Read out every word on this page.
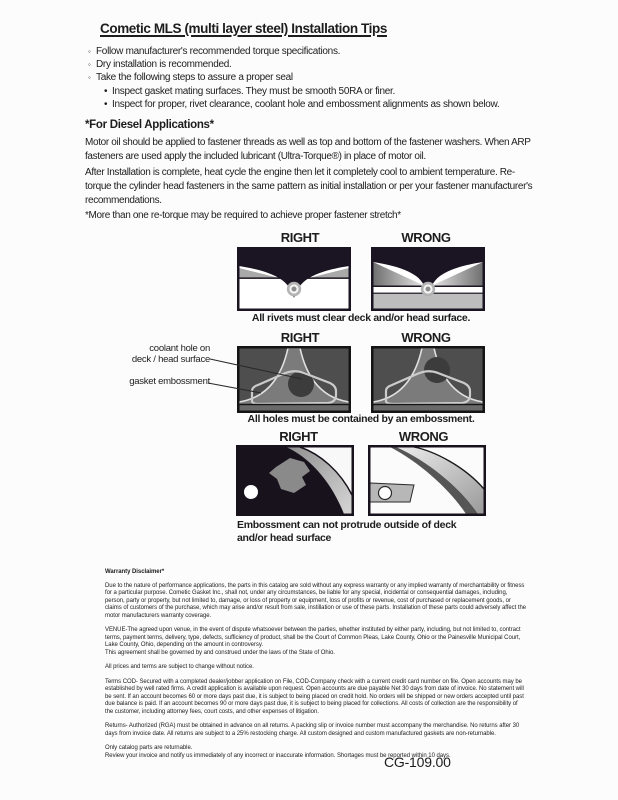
Cometic MLS (multi layer steel) Installation Tips
◦ Follow manufacturer's recommended torque specifications.
◦ Dry installation is recommended.
◦ Take the following steps to assure a proper seal
• Inspect gasket mating surfaces. They must be smooth 50RA or finer.
• Inspect for proper, rivet clearance, coolant hole and embossment alignments as shown below.
*For Diesel Applications*
Motor oil should be applied to fastener threads as well as top and bottom of the fastener washers. When ARP fasteners are used apply the included lubricant (Ultra-Torque®) in place of motor oil.
After Installation is complete, heat cycle the engine then let it completely cool to ambient temperature. Re-torque the cylinder head fasteners in the same pattern as initial installation or per your fastener manufacturer's recommendations.
*More than one re-torque may be required to achieve proper fastener stretch*
RIGHT	WRONG
All rivets must clear deck and/or head surface.
coolant hole on
deck / head surface
gasket embossment
RIGHT	WRONG
All holes must be contained by an embossment.
RIGHT	WRONG
Embossment can not protrude outside of deck
and/or head surface
Warranty Disclaimer*

Due to the nature of performance applications, the parts in this catalog are sold without any express warranty or any implied warranty of merchantability or fitness for a particular purpose. Cometic Gasket Inc., shall not, under any circumstances, be liable for any special, incidental or consequential damages, including, person, party or property, but not limited to, damage, or loss of property or equipment, loss of profits or revenue, cost of purchased or replacement goods, or claims of customers of the purchase, which may arise and/or result from sale, instillation or use of these parts. Installation of these parts could adversely affect the motor manufacturers warranty coverage.

VENUE-The agreed upon venue, in the event of dispute whatsoever between the parties, whether instituted by either party, including, but not limited to, contract terms, payment terms, delivery, type, defects, sufficiency of product, shall be the Court of Common Pleas, Lake County, Ohio or the Painesville Municipal Court, Lake County, Ohio, depending on the amount in controversy.

This agreement shall be governed by and construed under the laws of the State of Ohio.

All prices and terms are subject to change without notice.

Terms COD- Secured with a completed dealer/jobber application on File, COD-Company check with a current credit card number on file. Open accounts may be established by well rated firms. A credit application is available upon request. Open accounts are due payable Net 30 days from date of invoice. No statement will be sent. If an account becomes 60 or more days past due, it is subject to being placed on credit hold. No orders will be shipped or new orders accepted until past due balance is paid. If an account becomes 90 or more days past due, it is subject to being placed for collections. All costs of collection are the responsibility of the customer, including attorney fees, court costs, and other expenses of litigation.

Returns- Authorized (RGA) must be obtained in advance on all returns. A packing slip or invoice number must accompany the merchandise. No returns after 30 days from invoice date. All returns are subject to a 25% restocking charge. All custom designed and custom manufactured gaskets are non-returnable.

Only catalog parts are returnable.

Review your invoice and notify us immediately of any incorrect or inaccurate information. Shortages must be reported within 10 days.

CG-109.00
